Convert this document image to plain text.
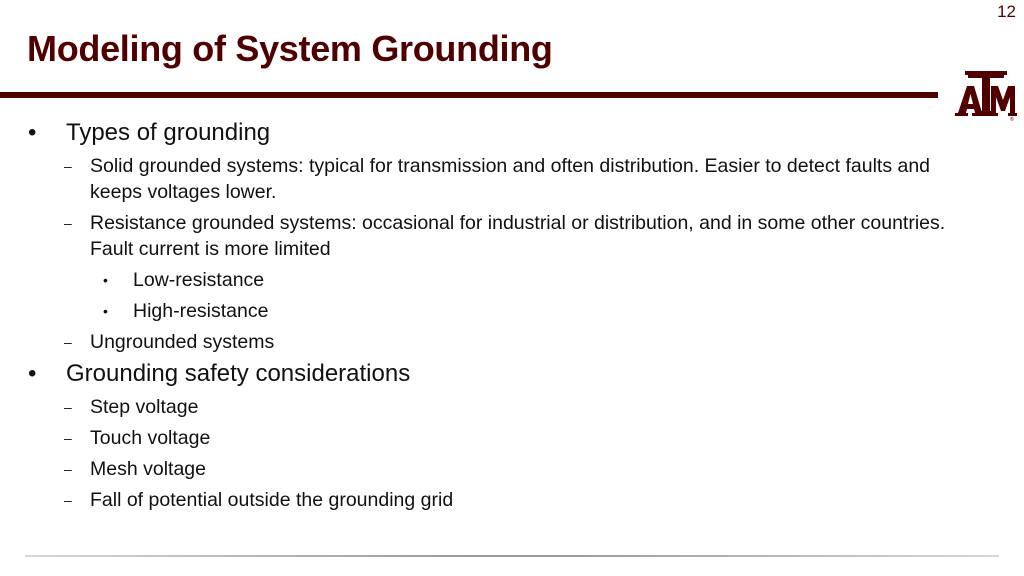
12
Modeling of System Grounding
®
• Types of grounding
– Solid grounded systems: typical for transmission and often distribution. Easier to detect faults and keeps voltages lower.
– Resistance grounded systems: occasional for industrial or distribution, and in some other countries. Fault current is more limited
• Low-resistance
• High-resistance
– Ungrounded systems
• Grounding safety considerations
– Step voltage
– Touch voltage
– Mesh voltage
– Fall of potential outside the grounding grid
